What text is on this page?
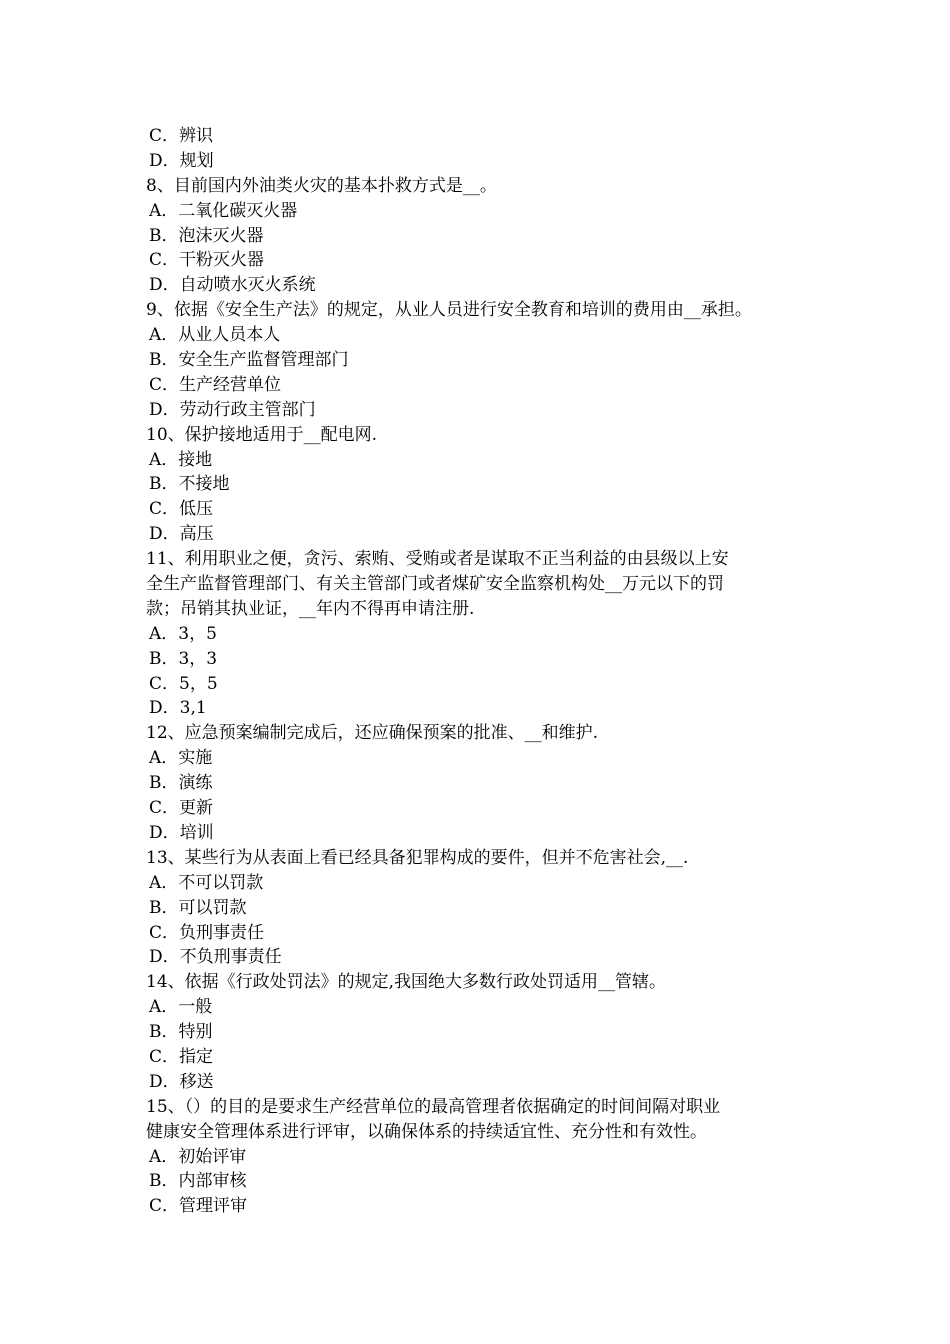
C．辨识
D．规划
8、目前国内外油类火灾的基本扑救方式是__。
A．二氧化碳灭火器
B．泡沫灭火器
C．干粉灭火器
D．自动喷水灭火系统
9、依据《安全生产法》的规定，从业人员进行安全教育和培训的费用由__承担。
A．从业人员本人
B．安全生产监督管理部门
C．生产经营单位
D．劳动行政主管部门
10、保护接地适用于__配电网.
A．接地
B．不接地
C．低压
D．高压
11、利用职业之便，贪污、索贿、受贿或者是谋取不正当利益的由县级以上安
全生产监督管理部门、有关主管部门或者煤矿安全监察机构处__万元以下的罚
款；吊销其执业证，__年内不得再申请注册.
A．3，5
B．3，3
C．5，5
D．3,1
12、应急预案编制完成后，还应确保预案的批准、__和维护.
A．实施
B．演练
C．更新
D．培训
13、某些行为从表面上看已经具备犯罪构成的要件，但并不危害社会,__.
A．不可以罚款
B．可以罚款
C．负刑事责任
D．不负刑事责任
14、依据《行政处罚法》的规定,我国绝大多数行政处罚适用__管辖。
A．一般
B．特别
C．指定
D．移送
15、（）的目的是要求生产经营单位的最高管理者依据确定的时间间隔对职业
健康安全管理体系进行评审，以确保体系的持续适宜性、充分性和有效性。
A．初始评审
B．内部审核
C．管理评审
